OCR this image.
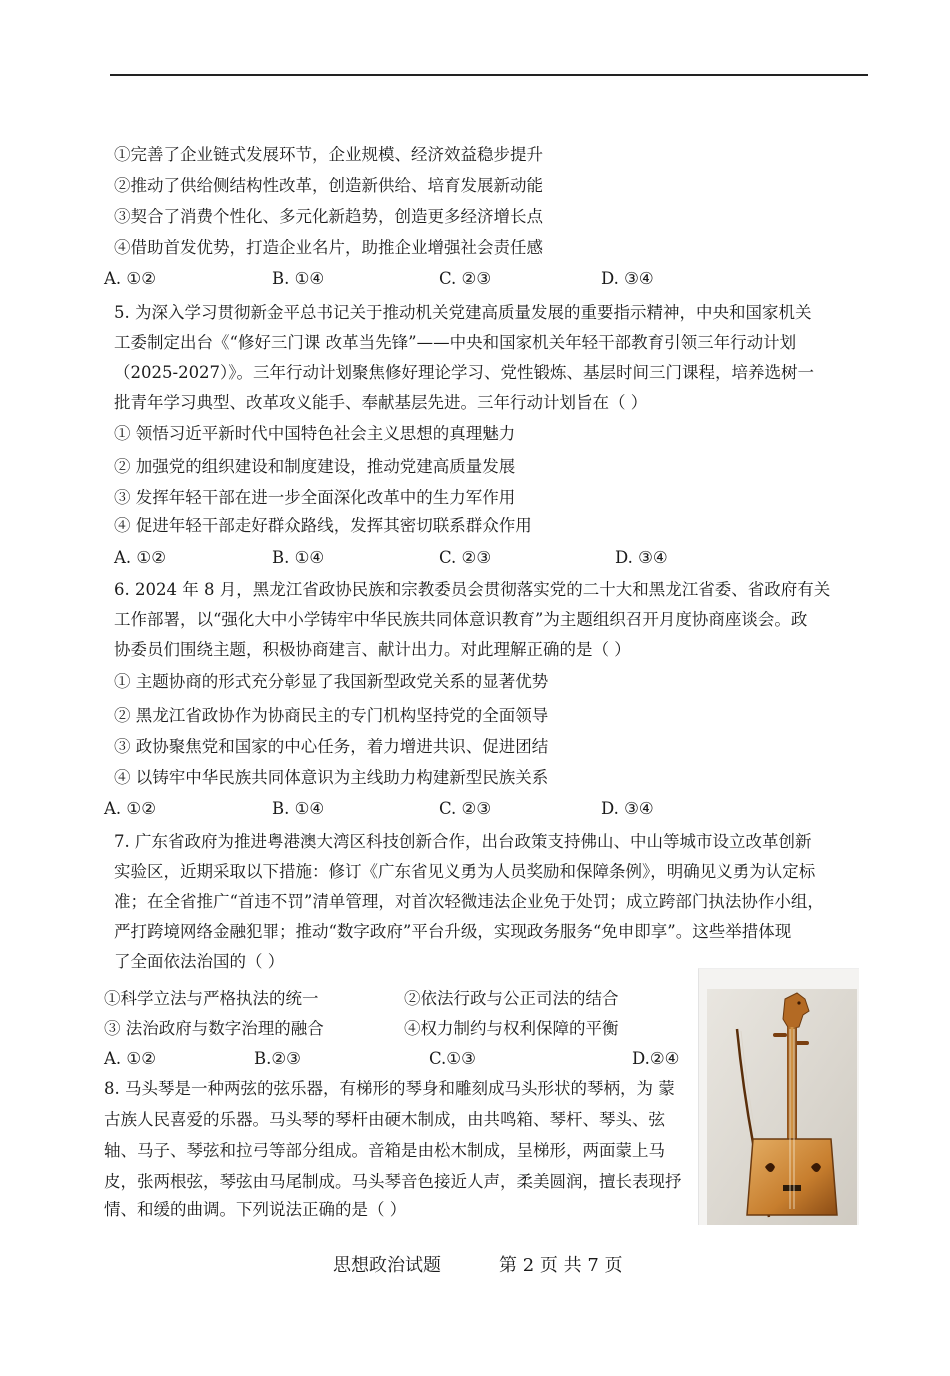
①完善了企业链式发展环节，企业规模、经济效益稳步提升
②推动了供给侧结构性改革，创造新供给、培育发展新动能
③契合了消费个性化、多元化新趋势，创造更多经济增长点
④借助首发优势，打造企业名片，助推企业增强社会责任感
A. ①②	B. ①④	C. ②③	D. ③④
5. 为深入学习贯彻新金平总书记关于推动机关党建高质量发展的重要指示精神，中央和国家机关
工委制定出台《“修好三门课 改革当先锋”——中央和国家机关年轻干部教育引领三年行动计划
（2025-2027）》。三年行动计划聚焦修好理论学习、党性锻炼、基层时间三门课程，培养选树一
批青年学习典型、改革攻义能手、奉献基层先进。三年行动计划旨在（ ）
① 领悟习近平新时代中国特色社会主义思想的真理魅力
② 加强党的组织建设和制度建设，推动党建高质量发展
③ 发挥年轻干部在进一步全面深化改革中的生力军作用
④ 促进年轻干部走好群众路线，发挥其密切联系群众作用
A. ①②	B. ①④	C. ②③	D. ③④
6. 2024 年 8 月，黑龙江省政协民族和宗教委员会贯彻落实党的二十大和黑龙江省委、省政府有关
工作部署，以“强化大中小学铸牢中华民族共同体意识教育”为主题组织召开月度协商座谈会。政
协委员们围绕主题，积极协商建言、献计出力。对此理解正确的是（ ）
① 主题协商的形式充分彰显了我国新型政党关系的显著优势
② 黑龙江省政协作为协商民主的专门机构坚持党的全面领导
③ 政协聚焦党和国家的中心任务，着力增进共识、促进团结
④ 以铸牢中华民族共同体意识为主线助力构建新型民族关系
A. ①②	B. ①④	C. ②③	D. ③④
7. 广东省政府为推进粤港澳大湾区科技创新合作，出台政策支持佛山、中山等城市设立改革创新
实验区，近期采取以下措施：修订《广东省见义勇为人员奖励和保障条例》，明确见义勇为认定标
准；在全省推广“首违不罚”清单管理，对首次轻微违法企业免于处罚；成立跨部门执法协作小组，
严打跨境网络金融犯罪；推动“数字政府”平台升级，实现政务服务“免申即享”。这些举措体现
了全面依法治国的（ ）
①科学立法与严格执法的统一	②依法行政与公正司法的结合
③ 法治政府与数字治理的融合	④权力制约与权利保障的平衡
A. ①②	B.②③	C.①③	D.②④
8. 马头琴是一种两弦的弦乐器，有梯形的琴身和雕刻成马头形状的琴柄，为 蒙
古族人民喜爱的乐器。马头琴的琴杆由硬木制成，由共鸣箱、琴杆、琴头、弦
轴、马子、琴弦和拉弓等部分组成。音箱是由松木制成，呈梯形，两面蒙上马
皮，张两根弦，琴弦由马尾制成。马头琴音色接近人声，柔美圆润，擅长表现抒
情、和缓的曲调。下列说法正确的是（ ）
思想政治试题	第 2 页 共 7 页
